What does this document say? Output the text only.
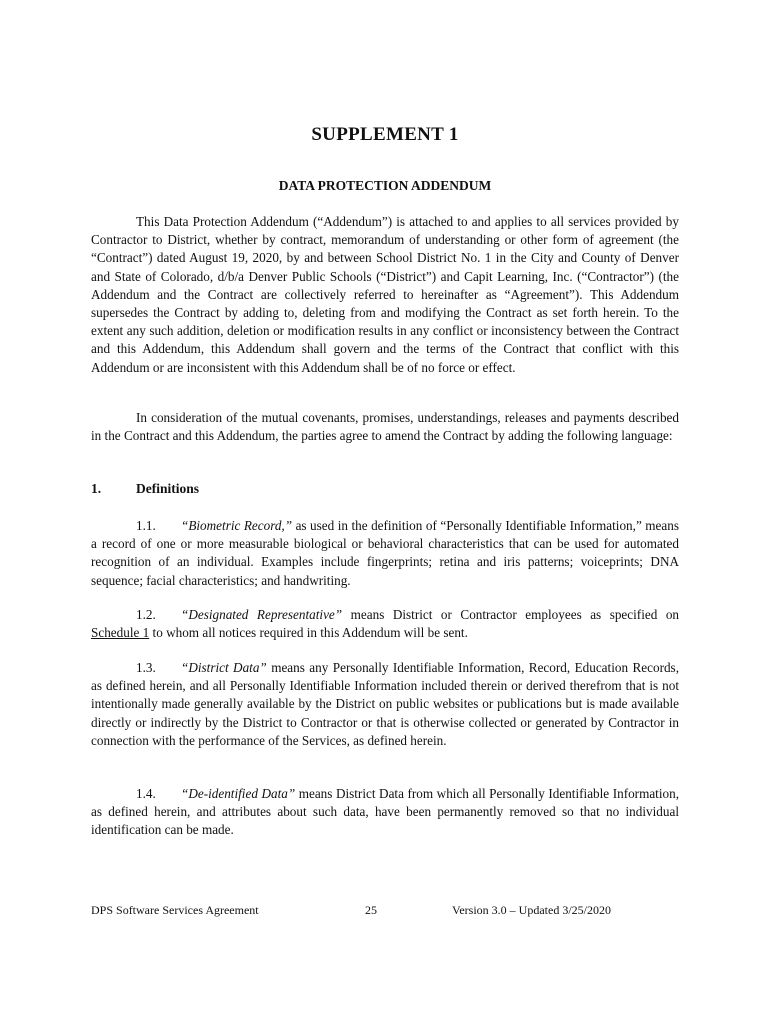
SUPPLEMENT 1
DATA PROTECTION ADDENDUM
This Data Protection Addendum (“Addendum”) is attached to and applies to all services provided by Contractor to District, whether by contract, memorandum of understanding or other form of agreement (the “Contract”) dated August 19, 2020, by and between School District No. 1 in the City and County of Denver and State of Colorado, d/b/a Denver Public Schools (“District”) and Capit Learning, Inc. (“Contractor”) (the Addendum and the Contract are collectively referred to hereinafter as “Agreement”). This Addendum supersedes the Contract by adding to, deleting from and modifying the Contract as set forth herein. To the extent any such addition, deletion or modification results in any conflict or inconsistency between the Contract and this Addendum, this Addendum shall govern and the terms of the Contract that conflict with this Addendum or are inconsistent with this Addendum shall be of no force or effect.
In consideration of the mutual covenants, promises, understandings, releases and payments described in the Contract and this Addendum, the parties agree to amend the Contract by adding the following language:
1.	Definitions
1.1. “Biometric Record,” as used in the definition of “Personally Identifiable Information,” means a record of one or more measurable biological or behavioral characteristics that can be used for automated recognition of an individual. Examples include fingerprints; retina and iris patterns; voiceprints; DNA sequence; facial characteristics; and handwriting.
1.2. “Designated Representative” means District or Contractor employees as specified on Schedule 1 to whom all notices required in this Addendum will be sent.
1.3. “District Data” means any Personally Identifiable Information, Record, Education Records, as defined herein, and all Personally Identifiable Information included therein or derived therefrom that is not intentionally made generally available by the District on public websites or publications but is made available directly or indirectly by the District to Contractor or that is otherwise collected or generated by Contractor in connection with the performance of the Services, as defined herein.
1.4. “De-identified Data” means District Data from which all Personally Identifiable Information, as defined herein, and attributes about such data, have been permanently removed so that no individual identification can be made.
DPS Software Services Agreement	25	Version 3.0 – Updated 3/25/2020
